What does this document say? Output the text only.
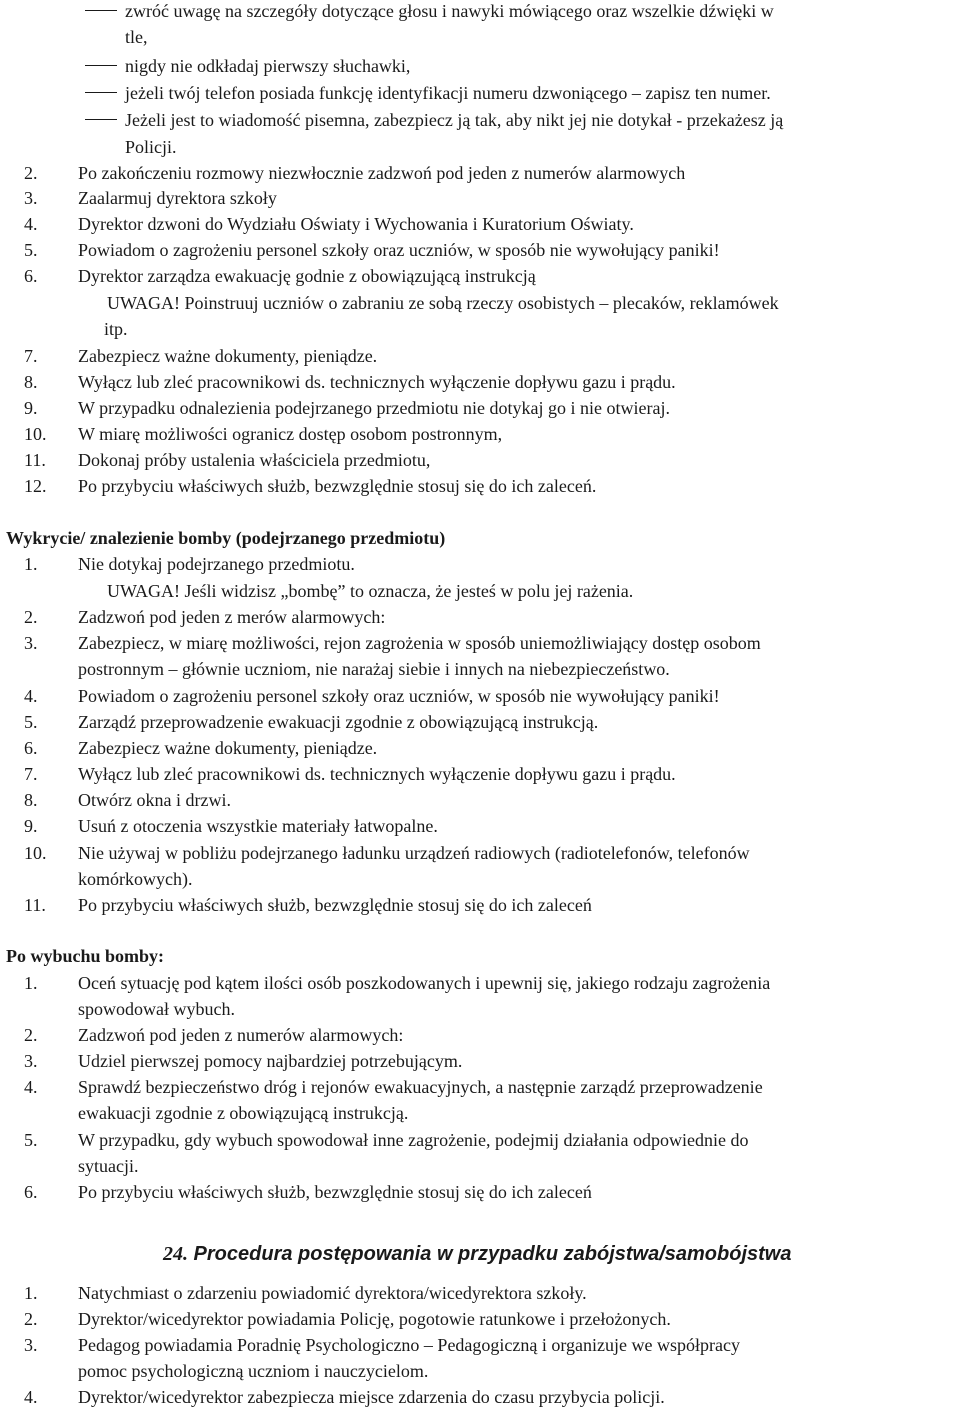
zwróć uwagę na szczegóły dotyczące głosu i nawyki mówiącego oraz wszelkie dźwięki w
tle,
nigdy nie odkładaj pierwszy słuchawki,
jeżeli twój telefon posiada funkcję identyfikacji numeru dzwoniącego – zapisz ten numer.
Jeżeli jest to wiadomość pisemna, zabezpiecz ją tak, aby nikt jej nie dotykał - przekażesz ją
Policji.
2. Po zakończeniu rozmowy niezwłocznie zadzwoń pod jeden z numerów alarmowych
3. Zaalarmuj dyrektora szkoły
4. Dyrektor dzwoni do Wydziału Oświaty i Wychowania i Kuratorium Oświaty.
5. Powiadom o zagrożeniu personel szkoły oraz uczniów, w sposób nie wywołujący paniki!
6. Dyrektor zarządza ewakuację godnie z obowiązującą instrukcją
UWAGA! Poinstruuj uczniów o zabraniu ze sobą rzeczy osobistych – plecaków, reklamówek
itp.
7. Zabezpiecz ważne dokumenty, pieniądze.
8. Wyłącz lub zleć pracownikowi ds. technicznych wyłączenie dopływu gazu i prądu.
9. W przypadku odnalezienia podejrzanego przedmiotu nie dotykaj go i nie otwieraj.
10. W miarę możliwości ogranicz dostęp osobom postronnym,
11. Dokonaj próby ustalenia właściciela przedmiotu,
12. Po przybyciu właściwych służb, bezwzględnie stosuj się do ich zaleceń.
Wykrycie/ znalezienie bomby (podejrzanego przedmiotu)
1. Nie dotykaj podejrzanego przedmiotu.
UWAGA! Jeśli widzisz „bombę” to oznacza, że jesteś w polu jej rażenia.
2. Zadzwoń pod jeden z merów alarmowych:
3. Zabezpiecz, w miarę możliwości, rejon zagrożenia w sposób uniemożliwiający dostęp osobom
postronnym – głównie uczniom, nie narażaj siebie i innych na niebezpieczeństwo.
4. Powiadom o zagrożeniu personel szkoły oraz uczniów, w sposób nie wywołujący paniki!
5. Zarządź przeprowadzenie ewakuacji zgodnie z obowiązującą instrukcją.
6. Zabezpiecz ważne dokumenty, pieniądze.
7. Wyłącz lub zleć pracownikowi ds. technicznych wyłączenie dopływu gazu i prądu.
8. Otwórz okna i drzwi.
9. Usuń z otoczenia wszystkie materiały łatwopalne.
10. Nie używaj w pobliżu podejrzanego ładunku urządzeń radiowych (radiotelefonów, telefonów
komórkowych).
11. Po przybyciu właściwych służb, bezwzględnie stosuj się do ich zaleceń
Po wybuchu bomby:
1. Oceń sytuację pod kątem ilości osób poszkodowanych i upewnij się, jakiego rodzaju zagrożenia
spowodował wybuch.
2. Zadzwoń pod jeden z numerów alarmowych:
3. Udziel pierwszej pomocy najbardziej potrzebującym.
4. Sprawdź bezpieczeństwo dróg i rejonów ewakuacyjnych, a następnie zarządź przeprowadzenie
ewakuacji zgodnie z obowiązującą instrukcją.
5. W przypadku, gdy wybuch spowodował inne zagrożenie, podejmij działania odpowiednie do
sytuacji.
6. Po przybyciu właściwych służb, bezwzględnie stosuj się do ich zaleceń
24. Procedura postępowania w przypadku zabójstwa/samobójstwa
1. Natychmiast o zdarzeniu powiadomić dyrektora/wicedyrektora szkoły.
2. Dyrektor/wicedyrektor powiadamia Policję, pogotowie ratunkowe i przełożonych.
3. Pedagog powiadamia Poradnię Psychologiczno – Pedagogiczną i organizuje we współpracy
pomoc psychologiczną uczniom i nauczycielom.
4. Dyrektor/wicedyrektor zabezpiecza miejsce zdarzenia do czasu przybycia policji.
